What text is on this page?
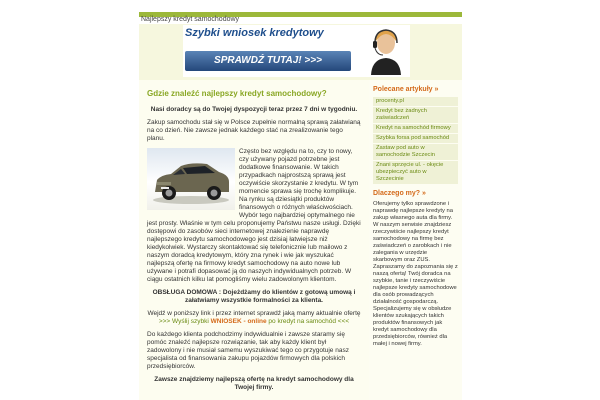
Najlepszy kredyt samochodowy
Szybki wniosek kredytowy
SPRAWDŹ TUTAJ! >>>
Gdzie znaleźć najlepszy kredyt samochodowy?

Nasi doradcy są do Twojej dyspozycji teraz przez 7 dni w tygodniu.

Zakup samochodu stał się w Polsce zupełnie normalną sprawą załatwianą na co dzień. Nie zawsze jednak każdego stać na zrealizowanie tego planu.

Często bez względu na to, czy to nowy, czy używany pojazd potrzebne jest dodatkowe finansowanie. W takich przypadkach najprostszą sprawą jest oczywiście skorzystanie z kredytu. W tym momencie sprawa się trochę komplikuje. Na rynku są dziesiątki produktów finansowych o różnych właściwościach. Wybór tego najbardziej optymalnego nie jest prosty. Właśnie w tym celu proponujemy Państwu nasze usługi. Dzięki dostępowi do zasobów sieci internetowej znalezienie naprawdę najlepszego kredytu samochodowego jest dzisiaj łatwiejsze niż kiedykolwiek. Wystarczy skontaktować się telefonicznie lub mailowo z naszym doradcą kredytowym, który zna rynek i wie jak wyszukać najlepszą ofertę na firmowy kredyt samochodowy na auto nowe lub używane i potrafi dopasować ją do naszych indywidualnych potrzeb. W ciągu ostatnich kilku lat pomogliśmy wielu zadowolonym klientom.

OBSŁUGA DOMOWA : Dojeżdżamy do klientów z gotową umową i załatwiamy wszystkie formalności za klienta.

Wejdź w poniższy link i przez internet sprawdź jaką mamy aktualnie ofertę
>>> Wyślij szybki WNIOSEK - online po kredyt na samochód <<<

Do każdego klienta podchodzimy indywidualnie i zawsze staramy się pomóc znaleźć najlepsze rozwiązanie, tak aby każdy klient był zadowolony i nie musiał samemu wyszukiwać tego co przygotuje nasz specjalista od finansowania zakupu pojazdów firmowych dla polskich przedsiębiorców.

Zawsze znajdziemy najlepszą ofertę na kredyt samochodowy dla Twojej firmy.

Polecane artykuły »
procenty.pl
Kredyt bez żadnych zaświadczeń
Kredyt na samochód firmowy
Szybka forsa pod samochód
Zastaw pod auto w samochodzie Szczecin
Znani sprzęcie ul. - okęcie ubezpieczyć auto w Szczecinie
Dlaczego my? »
Oferujemy tylko sprawdzone i naprawdę najlepsze kredyty na zakup własnego auta dla firmy. W naszym serwisie znajdziesz rzeczywiście najlepszy kredyt samochodowy na firmę bez zaświadczeń o zarobkach i nie zalegania w urzędzie skarbowym oraz ZUS. Zapraszamy do zapoznania się z naszą ofertą! Twój doradca na szybkie, tanie i rzeczywiście najlepsze kredyty samochodowe dla osób prowadzących działalność gospodarczą. Specjalizujemy się w obsłudze klientów szukających takich produktów finansowych jak kredyt samochodowy dla przedsiębiorców, również dla małej i nowej firmy.
